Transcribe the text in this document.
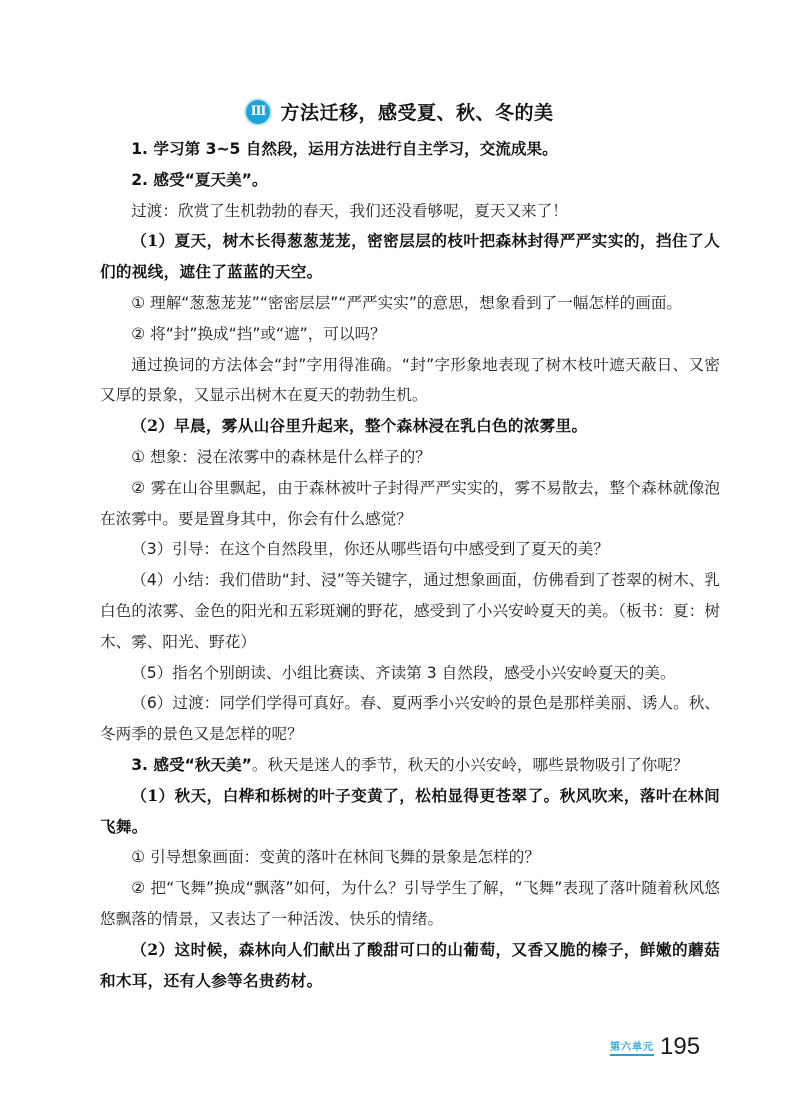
Ⅲ 方法迁移，感受夏、秋、冬的美

1. 学习第 3~5 自然段，运用方法进行自主学习，交流成果。

2. 感受“夏天美”。

过渡：欣赏了生机勃勃的春天，我们还没看够呢，夏天又来了！

（1）夏天，树木长得葱葱茏茏，密密层层的枝叶把森林封得严严实实的，挡住了人们的视线，遮住了蓝蓝的天空。

① 理解“葱葱茏茏”“密密层层”“严严实实”的意思，想象看到了一幅怎样的画面。

② 将“封”换成“挡”或“遮”，可以吗？

通过换词的方法体会“封”字用得准确。“封”字形象地表现了树木枝叶遮天蔽日、又密又厚的景象，又显示出树木在夏天的勃勃生机。

（2）早晨，雾从山谷里升起来，整个森林浸在乳白色的浓雾里。

① 想象：浸在浓雾中的森林是什么样子的？

② 雾在山谷里飘起，由于森林被叶子封得严严实实的，雾不易散去，整个森林就像泡在浓雾中。要是置身其中，你会有什么感觉？

（3）引导：在这个自然段里，你还从哪些语句中感受到了夏天的美？

（4）小结：我们借助“封、浸”等关键字，通过想象画面，仿佛看到了苍翠的树木、乳白色的浓雾、金色的阳光和五彩斑斓的野花，感受到了小兴安岭夏天的美。（板书：夏：树木、雾、阳光、野花）

（5）指名个别朗读、小组比赛读、齐读第 3 自然段，感受小兴安岭夏天的美。

（6）过渡：同学们学得可真好。春、夏两季小兴安岭的景色是那样美丽、诱人。秋、冬两季的景色又是怎样的呢？

3. 感受“秋天美”。秋天是迷人的季节，秋天的小兴安岭，哪些景物吸引了你呢？

（1）秋天，白桦和栎树的叶子变黄了，松柏显得更苍翠了。秋风吹来，落叶在林间飞舞。

① 引导想象画面：变黄的落叶在林间飞舞的景象是怎样的？

② 把“飞舞”换成“飘落”如何，为什么？引导学生了解，“飞舞”表现了落叶随着秋风悠悠飘落的情景，又表达了一种活泼、快乐的情绪。

（2）这时候，森林向人们献出了酸甜可口的山葡萄，又香又脆的榛子，鲜嫩的蘑菇和木耳，还有人参等名贵药材。

第六单元 195
